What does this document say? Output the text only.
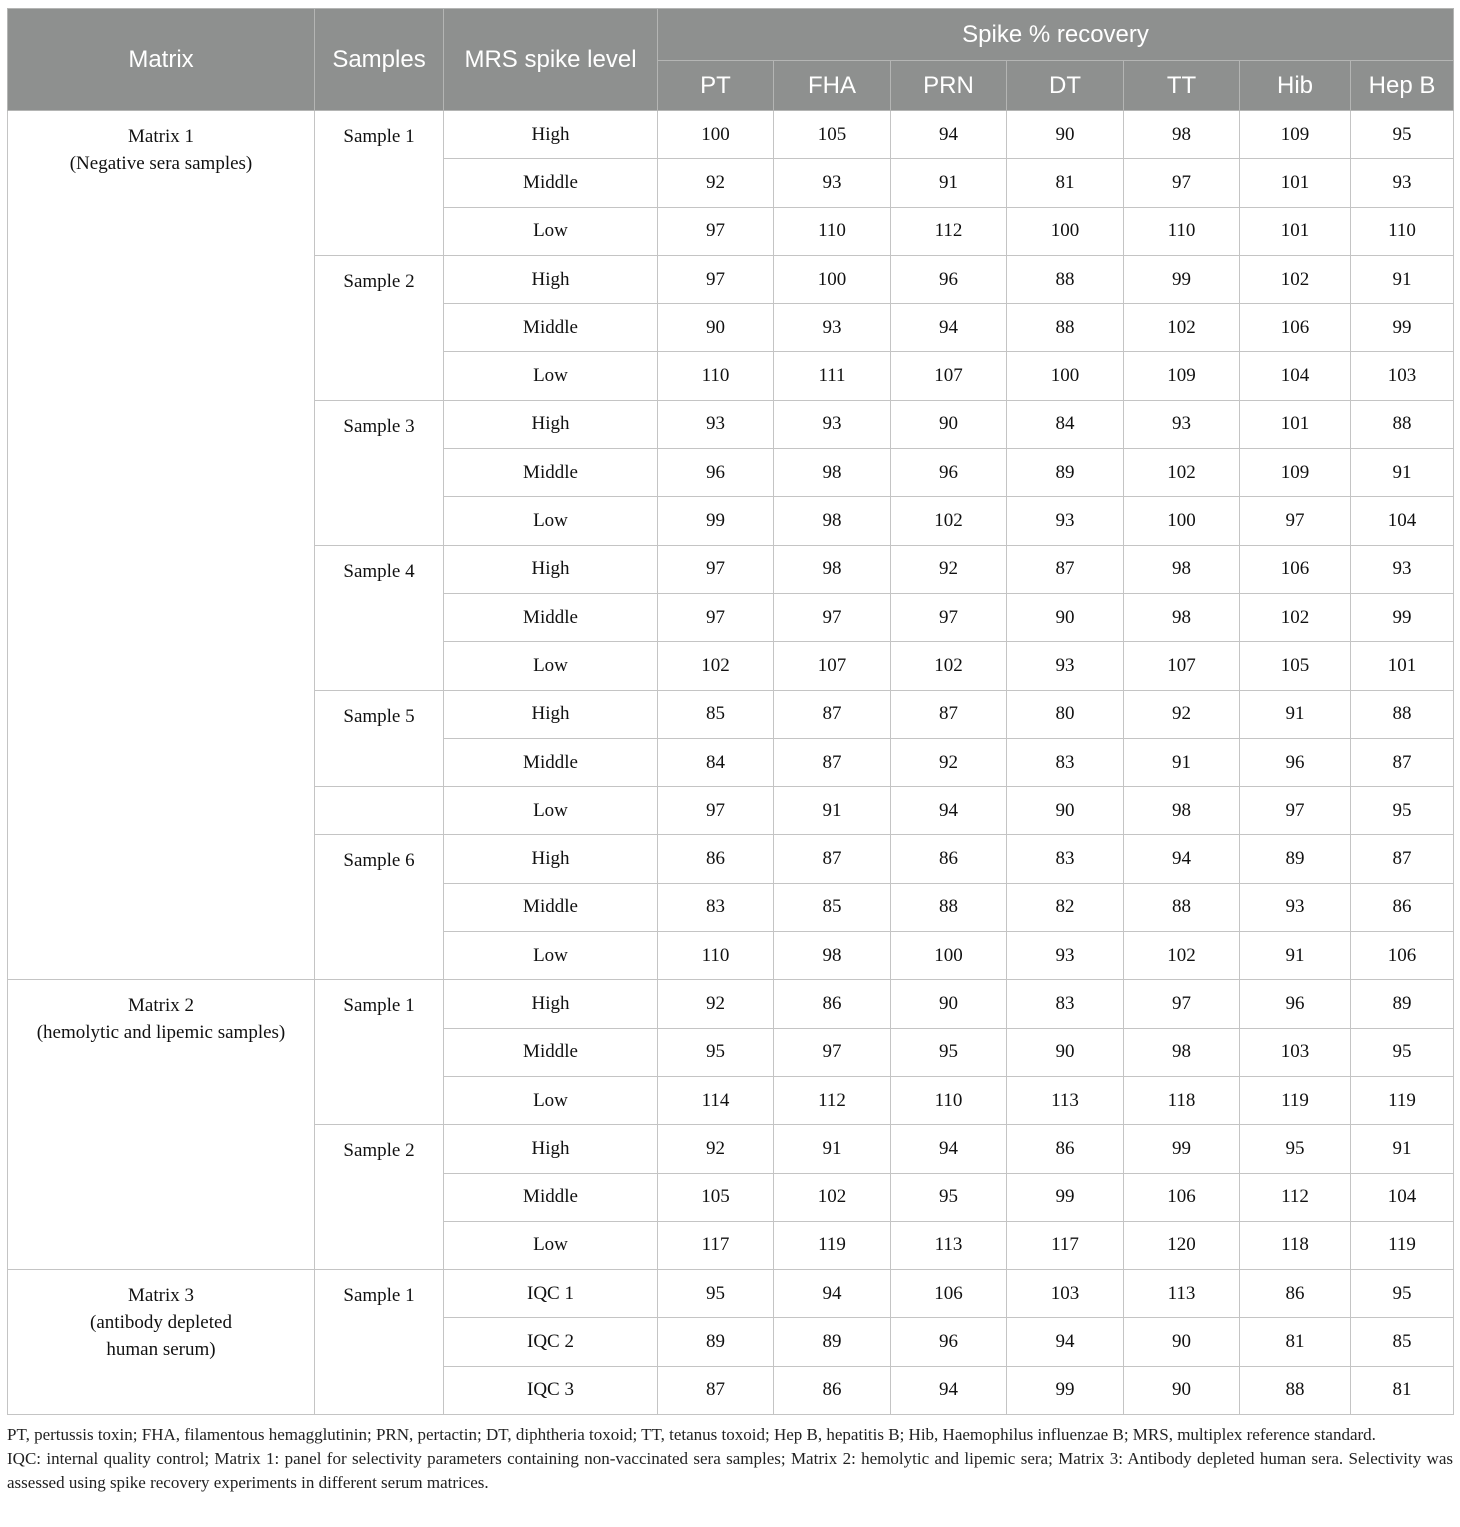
Matrix	Samples	MRS spike level	Spike % recovery						
			PT	FHA	PRN	DT	TT	Hib	Hep B

Matrix 1
(Negative sera samples)	Sample 1	High	100	105	94	90	98	109	95
		Middle	92	93	91	81	97	101	93
		Low	97	110	112	100	110	101	110
	Sample 2	High	97	100	96	88	99	102	91
		Middle	90	93	94	88	102	106	99
		Low	110	111	107	100	109	104	103
	Sample 3	High	93	93	90	84	93	101	88
		Middle	96	98	96	89	102	109	91
		Low	99	98	102	93	100	97	104
	Sample 4	High	97	98	92	87	98	106	93
		Middle	97	97	97	90	98	102	99
		Low	102	107	102	93	107	105	101
	Sample 5	High	85	87	87	80	92	91	88
		Middle	84	87	92	83	91	96	87
		Low	97	91	94	90	98	97	95
	Sample 6	High	86	87	86	83	94	89	87
		Middle	83	85	88	82	88	93	86
		Low	110	98	100	93	102	91	106

Matrix 2
(hemolytic and lipemic samples)	Sample 1	High	92	86	90	83	97	96	89
		Middle	95	97	95	90	98	103	95
		Low	114	112	110	113	118	119	119
	Sample 2	High	92	91	94	86	99	95	91
		Middle	105	102	95	99	106	112	104
		Low	117	119	113	117	120	118	119

Matrix 3
(antibody depleted human serum)	Sample 1	IQC 1	95	94	106	103	113	86	95
		IQC 2	89	89	96	94	90	81	85
		IQC 3	87	86	94	99	90	88	81

PT, pertussis toxin; FHA, filamentous hemagglutinin; PRN, pertactin; DT, diphtheria toxoid; TT, tetanus toxoid; Hep B, hepatitis B; Hib, Haemophilus influenzae B; MRS, multiplex reference standard.

IQC: internal quality control; Matrix 1: panel for selectivity parameters containing non-vaccinated sera samples; Matrix 2: hemolytic and lipemic sera; Matrix 3: Antibody depleted human sera. Selectivity was assessed using spike recovery experiments in different serum matrices.
